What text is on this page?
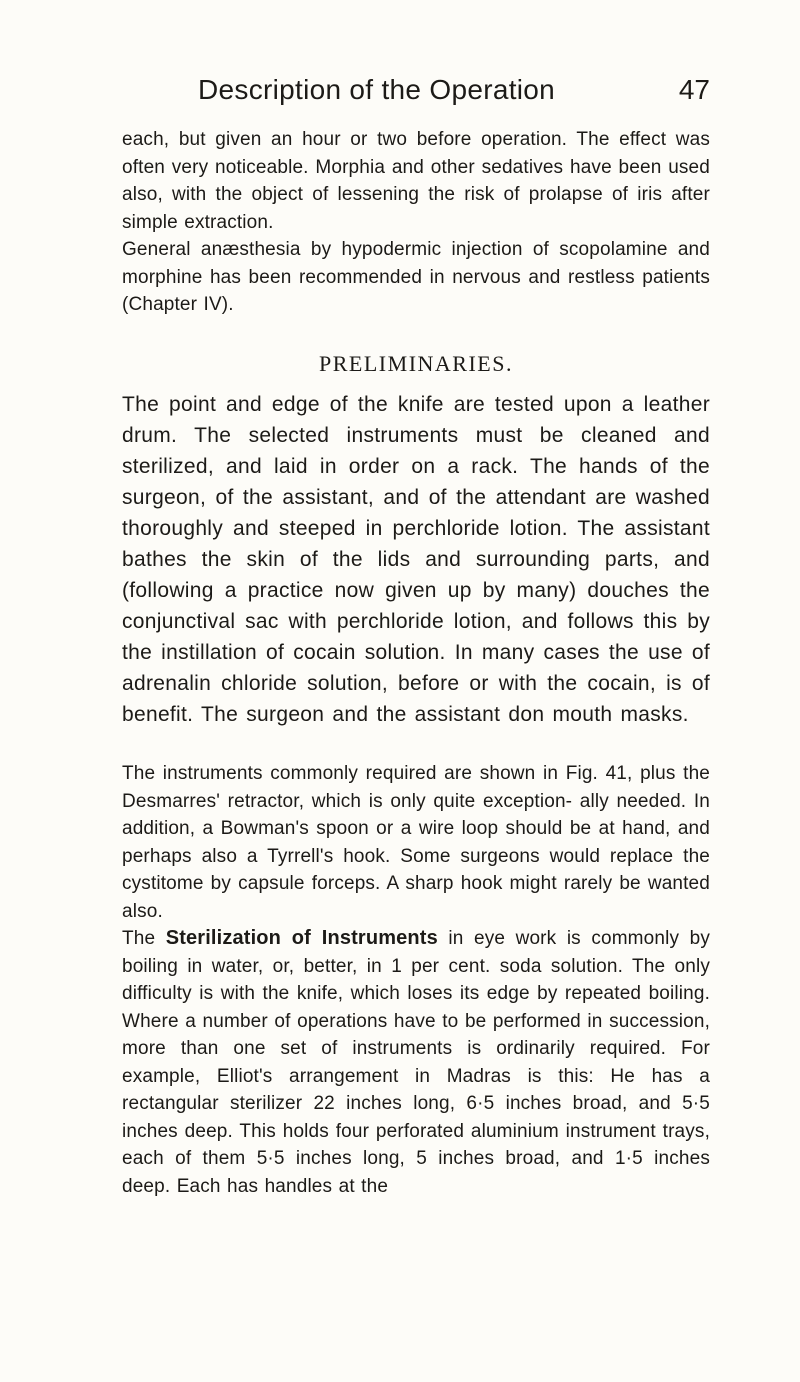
Description of the Operation	47

each, but given an hour or two before operation. The effect was often very noticeable. Morphia and other sedatives have been used also, with the object of lessening the risk of prolapse of iris after simple extraction.

General anæsthesia by hypodermic injection of scopolamine and morphine has been recommended in nervous and restless patients (Chapter IV).

PRELIMINARIES.

The point and edge of the knife are tested upon a leather drum. The selected instruments must be cleaned and sterilized, and laid in order on a rack. The hands of the surgeon, of the assistant, and of the attendant are washed thoroughly and steeped in perchloride lotion. The assistant bathes the skin of the lids and surrounding parts, and (following a practice now given up by many) douches the conjunctival sac with perchloride lotion, and follows this by the instillation of cocain solution. In many cases the use of adrenalin chloride solution, before or with the cocain, is of benefit. The surgeon and the assistant don mouth masks.

The instruments commonly required are shown in Fig. 41, plus the Desmarres' retractor, which is only quite exception- ally needed. In addition, a Bowman's spoon or a wire loop should be at hand, and perhaps also a Tyrrell's hook. Some surgeons would replace the cystitome by capsule forceps. A sharp hook might rarely be wanted also.

The Sterilization of Instruments in eye work is commonly by boiling in water, or, better, in 1 per cent. soda solution. The only difficulty is with the knife, which loses its edge by repeated boiling. Where a number of operations have to be performed in succession, more than one set of instruments is ordinarily required. For example, Elliot's arrangement in Madras is this: He has a rectangular sterilizer 22 inches long, 6·5 inches broad, and 5·5 inches deep. This holds four perforated aluminium instrument trays, each of them 5·5 inches long, 5 inches broad, and 1·5 inches deep. Each has handles at the
